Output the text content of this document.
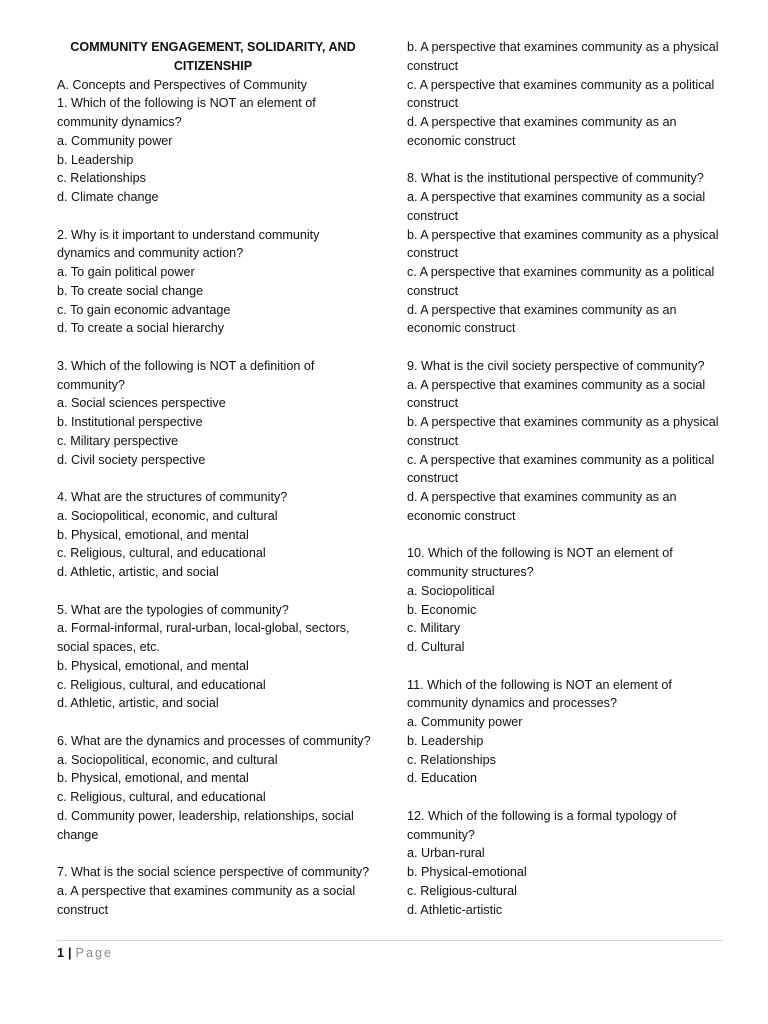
COMMUNITY ENGAGEMENT, SOLIDARITY, AND
CITIZENSHIP
A. Concepts and Perspectives of Community
1. Which of the following is NOT an element of
community dynamics?
a. Community power
b. Leadership
c. Relationships
d. Climate change
2. Why is it important to understand community
dynamics and community action?
a. To gain political power
b. To create social change
c. To gain economic advantage
d. To create a social hierarchy
3. Which of the following is NOT a definition of
community?
a. Social sciences perspective
b. Institutional perspective
c. Military perspective
d. Civil society perspective
4. What are the structures of community?
a. Sociopolitical, economic, and cultural
b. Physical, emotional, and mental
c. Religious, cultural, and educational
d. Athletic, artistic, and social
5. What are the typologies of community?
a. Formal-informal, rural-urban, local-global, sectors,
social spaces, etc.
b. Physical, emotional, and mental
c. Religious, cultural, and educational
d. Athletic, artistic, and social
6. What are the dynamics and processes of community?
a. Sociopolitical, economic, and cultural
b. Physical, emotional, and mental
c. Religious, cultural, and educational
d. Community power, leadership, relationships, social
change
7. What is the social science perspective of community?
a. A perspective that examines community as a social
construct
b. A perspective that examines community as a physical
construct
c. A perspective that examines community as a political
construct
d. A perspective that examines community as an
economic construct
8. What is the institutional perspective of community?
a. A perspective that examines community as a social
construct
b. A perspective that examines community as a physical
construct
c. A perspective that examines community as a political
construct
d. A perspective that examines community as an
economic construct
9. What is the civil society perspective of community?
a. A perspective that examines community as a social
construct
b. A perspective that examines community as a physical
construct
c. A perspective that examines community as a political
construct
d. A perspective that examines community as an
economic construct
10. Which of the following is NOT an element of
community structures?
a. Sociopolitical
b. Economic
c. Military
d. Cultural
11. Which of the following is NOT an element of
community dynamics and processes?
a. Community power
b. Leadership
c. Relationships
d. Education
12. Which of the following is a formal typology of
community?
a. Urban-rural
b. Physical-emotional
c. Religious-cultural
d. Athletic-artistic
1 | Page
